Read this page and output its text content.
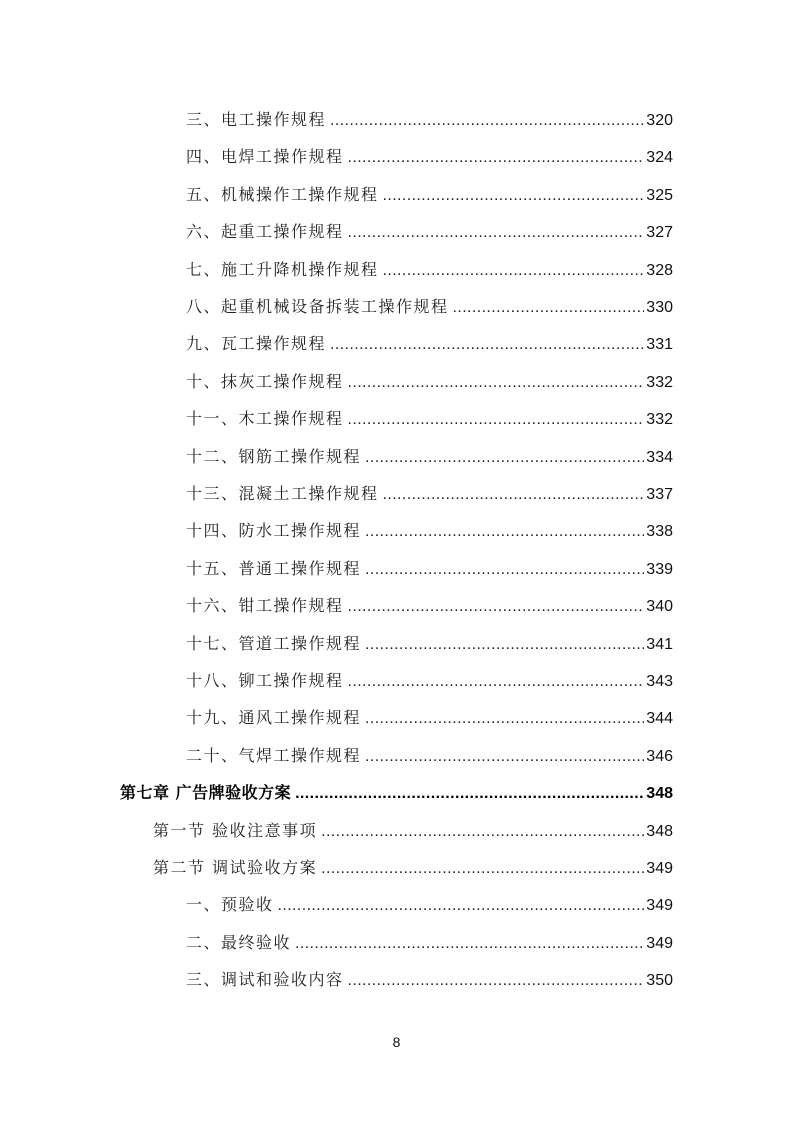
三、电工操作规程 .....	320
四、电焊工操作规程 .....	324
五、机械操作工操作规程 .....	325
六、起重工操作规程 .....	327
七、施工升降机操作规程 .....	328
八、起重机械设备拆装工操作规程 .....	330
九、瓦工操作规程 .....	331
十、抹灰工操作规程 .....	332
十一、木工操作规程 .....	332
十二、钢筋工操作规程 .....	334
十三、混凝土工操作规程 .....	337
十四、防水工操作规程 .....	338
十五、普通工操作规程 .....	339
十六、钳工操作规程 .....	340
十七、管道工操作规程 .....	341
十八、铆工操作规程 .....	343
十九、通风工操作规程 .....	344
二十、气焊工操作规程 .....	346
第七章 广告牌验收方案 .....	348
第一节 验收注意事项 .....	348
第二节 调试验收方案 .....	349
一、预验收 .....	349
二、最终验收 .....	349
三、调试和验收内容 .....	350
8
